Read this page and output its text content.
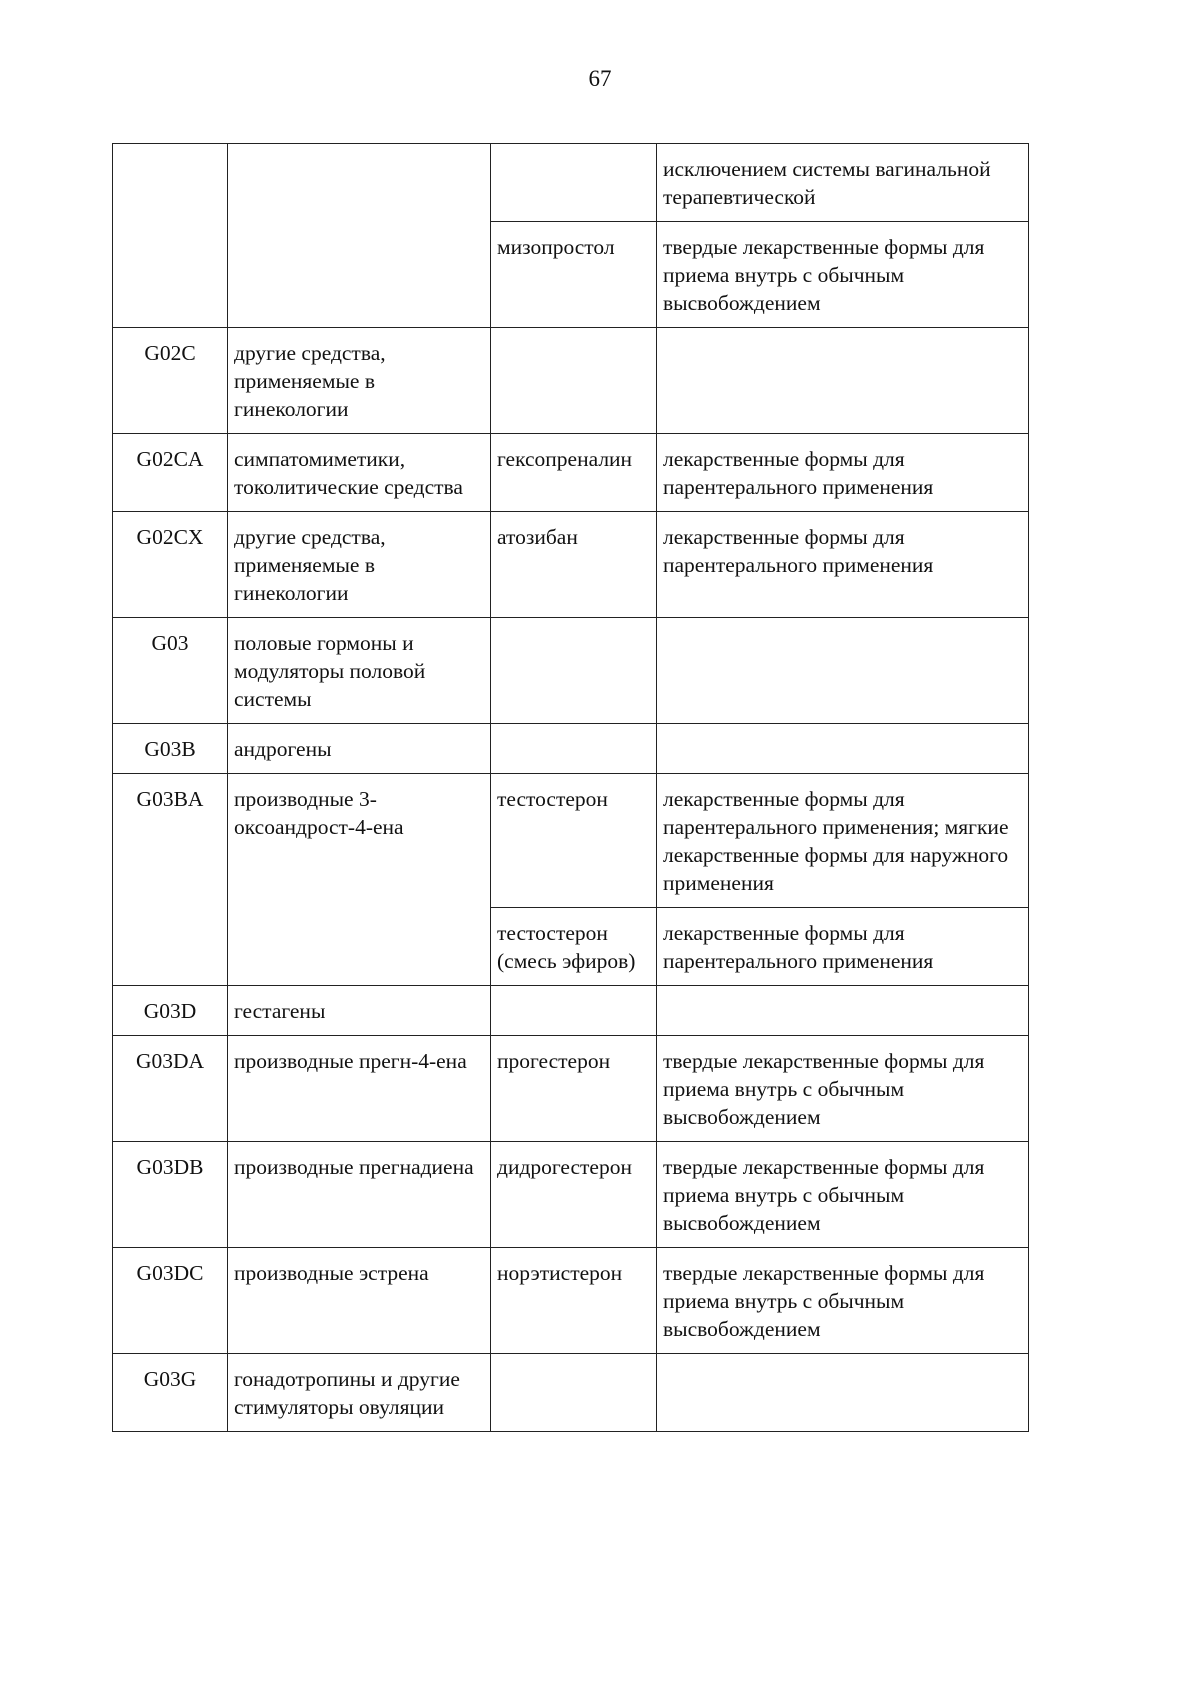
67
			исключением системы вагинальной терапевтической
		мизопростол	твердые лекарственные формы для приема внутрь с обычным высвобождением
G02C	другие средства, применяемые в гинекологии		
G02CA	симпатомиметики, токолитические средства	гексопреналин	лекарственные формы для парентерального применения
G02CX	другие средства, применяемые в гинекологии	атозибан	лекарственные формы для парентерального применения
G03	половые гормоны и модуляторы половой системы		
G03B	андрогены		
G03BA	производные 3-оксоандрост-4-ена	тестостерон	лекарственные формы для парентерального применения; мягкие лекарственные формы для наружного применения
		тестостерон (смесь эфиров)	лекарственные формы для парентерального применения
G03D	гестагены		
G03DA	производные прегн-4-ена	прогестерон	твердые лекарственные формы для приема внутрь с обычным высвобождением
G03DB	производные прегнадиена	дидрогестерон	твердые лекарственные формы для приема внутрь с обычным высвобождением
G03DC	производные эстрена	норэтистерон	твердые лекарственные формы для приема внутрь с обычным высвобождением
G03G	гонадотропины и другие стимуляторы овуляции		
